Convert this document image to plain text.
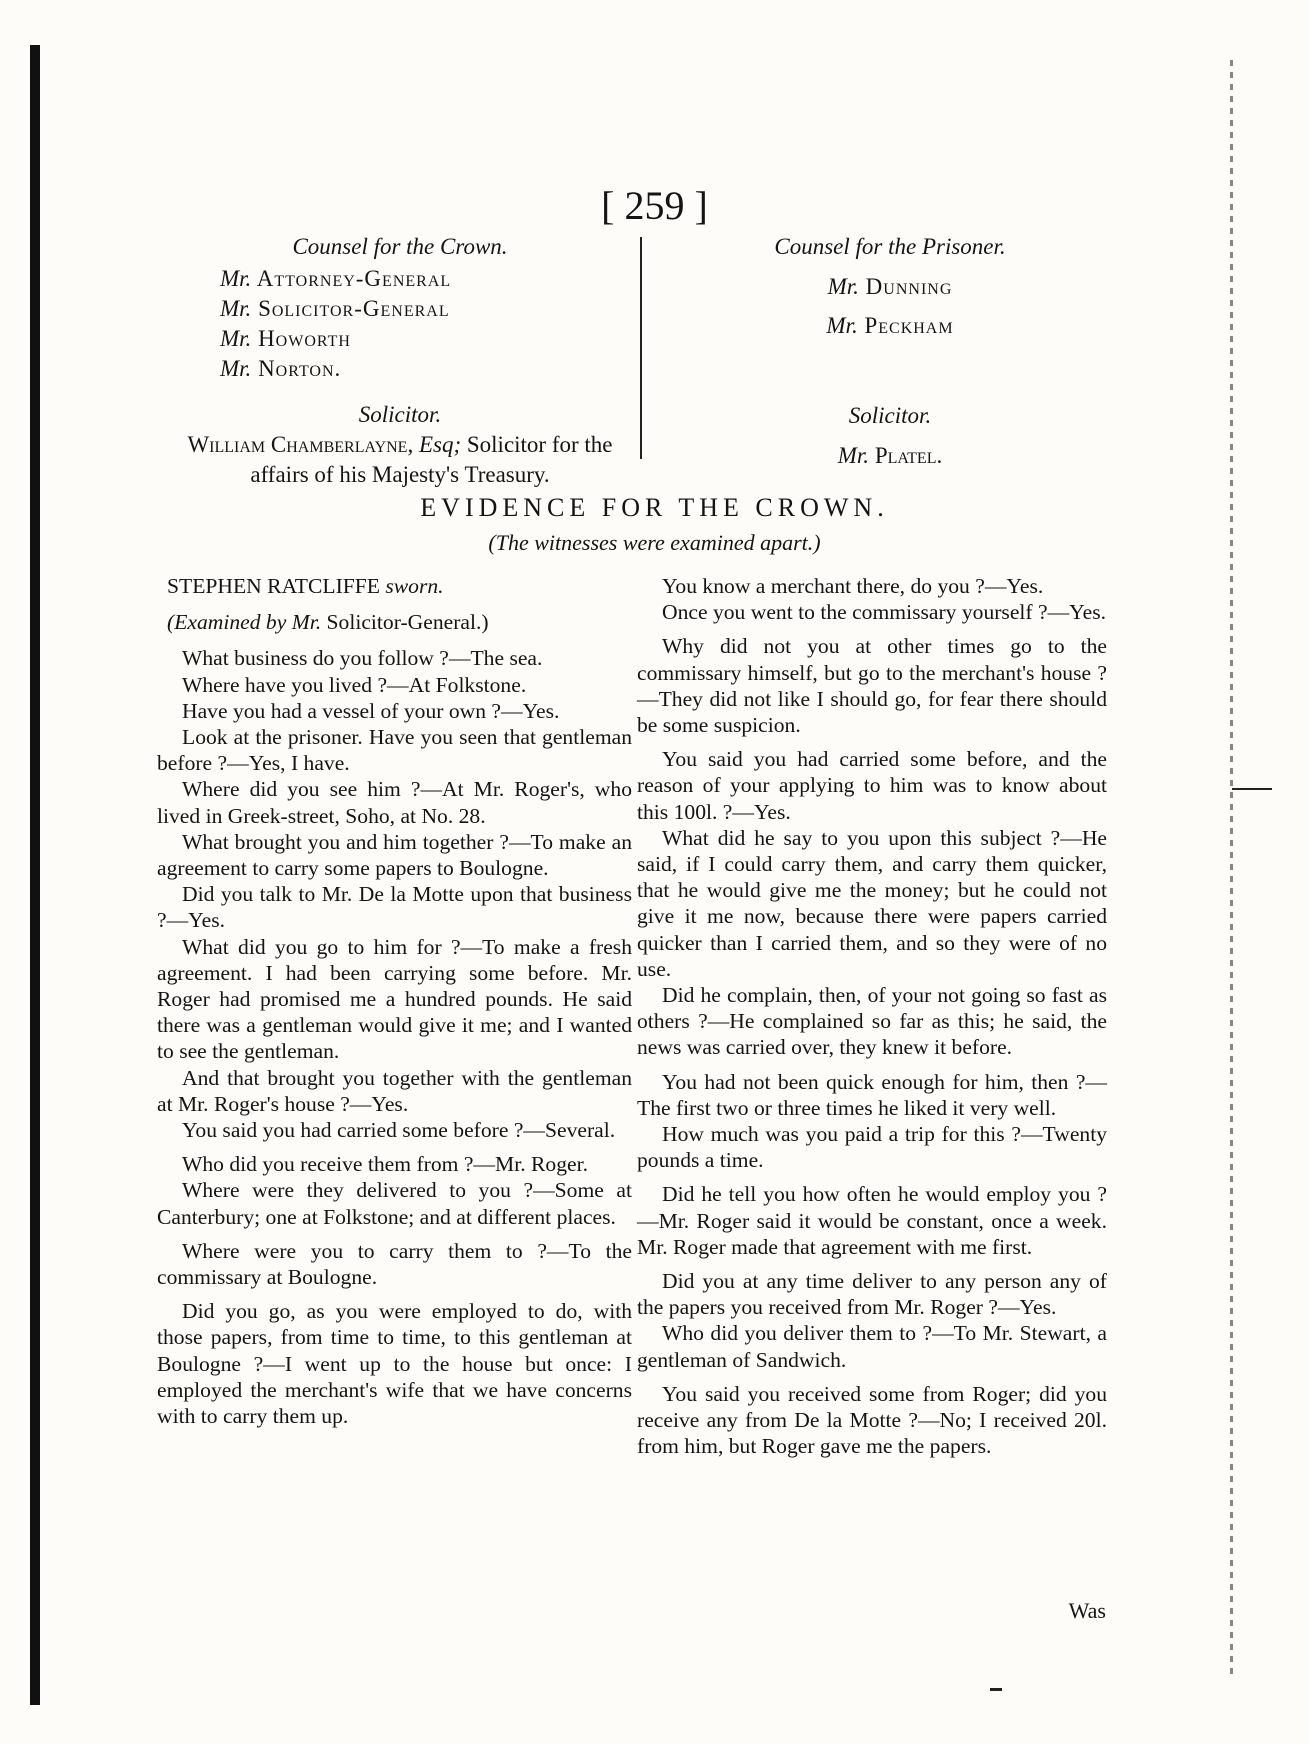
[ 259 ]
Counsel for the Crown.
Mr. Attorney-General
Mr. Solicitor-General
Mr. Howorth
Mr. Norton.
Solicitor.
William Chamberlayne, Esq; Solicitor for the affairs of his Majesty's Treasury.
Counsel for the Prisoner.
Mr. Dunning
Mr. Peckham
Solicitor.
Mr. Platel.
EVIDENCE FOR THE CROWN.
(The witnesses were examined apart.)

STEPHEN RATCLIFFE sworn.

(Examined by Mr. Solicitor-General.)

What business do you follow ?—The sea.

Where have you lived ?—At Folkstone.

Have you had a vessel of your own ?—Yes.

Look at the prisoner. Have you seen that gentleman before ?—Yes, I have.

Where did you see him ?—At Mr. Roger's, who lived in Greek-street, Soho, at No. 28.

What brought you and him together ?—To make an agreement to carry some papers to Boulogne.

Did you talk to Mr. De la Motte upon that business ?—Yes.

What did you go to him for ?—To make a fresh agreement. I had been carrying some before. Mr. Roger had promised me a hundred pounds. He said there was a gentleman would give it me; and I wanted to see the gentleman.

And that brought you together with the gentleman at Mr. Roger's house ?—Yes.

You said you had carried some before ?—Several.

Who did you receive them from ?—Mr. Roger.

Where were they delivered to you ?—Some at Canterbury; one at Folkstone; and at different places.

Where were you to carry them to ?—To the commissary at Boulogne.

Did you go, as you were employed to do, with those papers, from time to time, to this gentleman at Boulogne ?—I went up to the house but once: I employed the merchant's wife that we have concerns with to carry them up.

You know a merchant there, do you ?—Yes.

Once you went to the commissary yourself ?—Yes.

Why did not you at other times go to the commissary himself, but go to the merchant's house ?—They did not like I should go, for fear there should be some suspicion.

You said you had carried some before, and the reason of your applying to him was to know about this 100l. ?—Yes.

What did he say to you upon this subject ?—He said, if I could carry them, and carry them quicker, that he would give me the money; but he could not give it me now, because there were papers carried quicker than I carried them, and so they were of no use.

Did he complain, then, of your not going so fast as others ?—He complained so far as this; he said, the news was carried over, they knew it before.

You had not been quick enough for him, then ?—The first two or three times he liked it very well.

How much was you paid a trip for this ?—Twenty pounds a time.

Did he tell you how often he would employ you ?—Mr. Roger said it would be constant, once a week. Mr. Roger made that agreement with me first.

Did you at any time deliver to any person any of the papers you received from Mr. Roger ?—Yes.

Who did you deliver them to ?—To Mr. Stewart, a gentleman of Sandwich.

You said you received some from Roger; did you receive any from De la Motte ?—No; I received 20l. from him, but Roger gave me the papers.

Was
